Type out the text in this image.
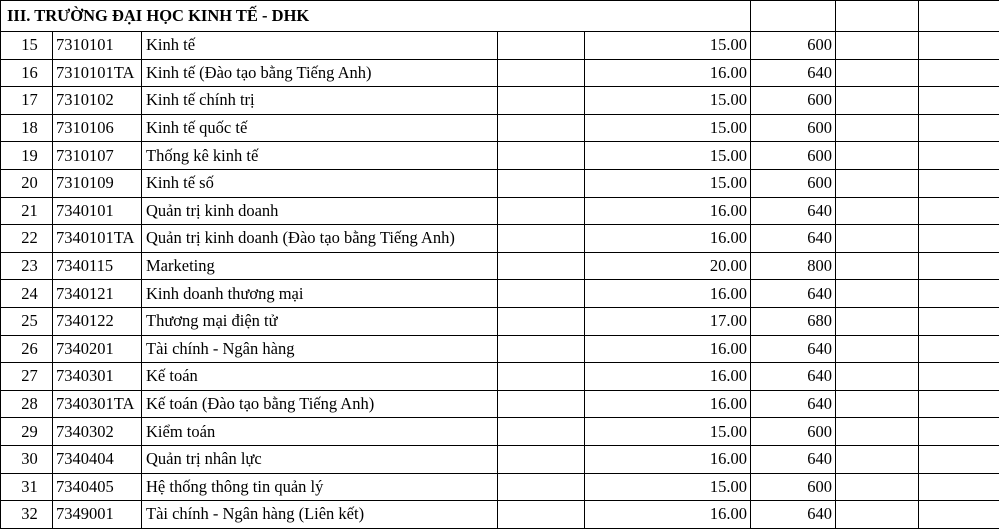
III. TRƯỜNG ĐẠI HỌC KINH TẾ - DHK								
15	7310101	Kinh tế		15.00	600			
16	7310101TA	Kinh tế (Đào tạo bằng Tiếng Anh)		16.00	640			
17	7310102	Kinh tế chính trị		15.00	600			
18	7310106	Kinh tế quốc tế		15.00	600			
19	7310107	Thống kê kinh tế		15.00	600			
20	7310109	Kinh tế số		15.00	600			
21	7340101	Quản trị kinh doanh		16.00	640			
22	7340101TA	Quản trị kinh doanh (Đào tạo bằng Tiếng Anh)		16.00	640			
23	7340115	Marketing		20.00	800			
24	7340121	Kinh doanh thương mại		16.00	640			
25	7340122	Thương mại điện tử		17.00	680			
26	7340201	Tài chính - Ngân hàng		16.00	640			
27	7340301	Kế toán		16.00	640			
28	7340301TA	Kế toán (Đào tạo bằng Tiếng Anh)		16.00	640			
29	7340302	Kiểm toán		15.00	600			
30	7340404	Quản trị nhân lực		16.00	640			
31	7340405	Hệ thống thông tin quản lý		15.00	600			
32	7349001	Tài chính - Ngân hàng (Liên kết)		16.00	640			
